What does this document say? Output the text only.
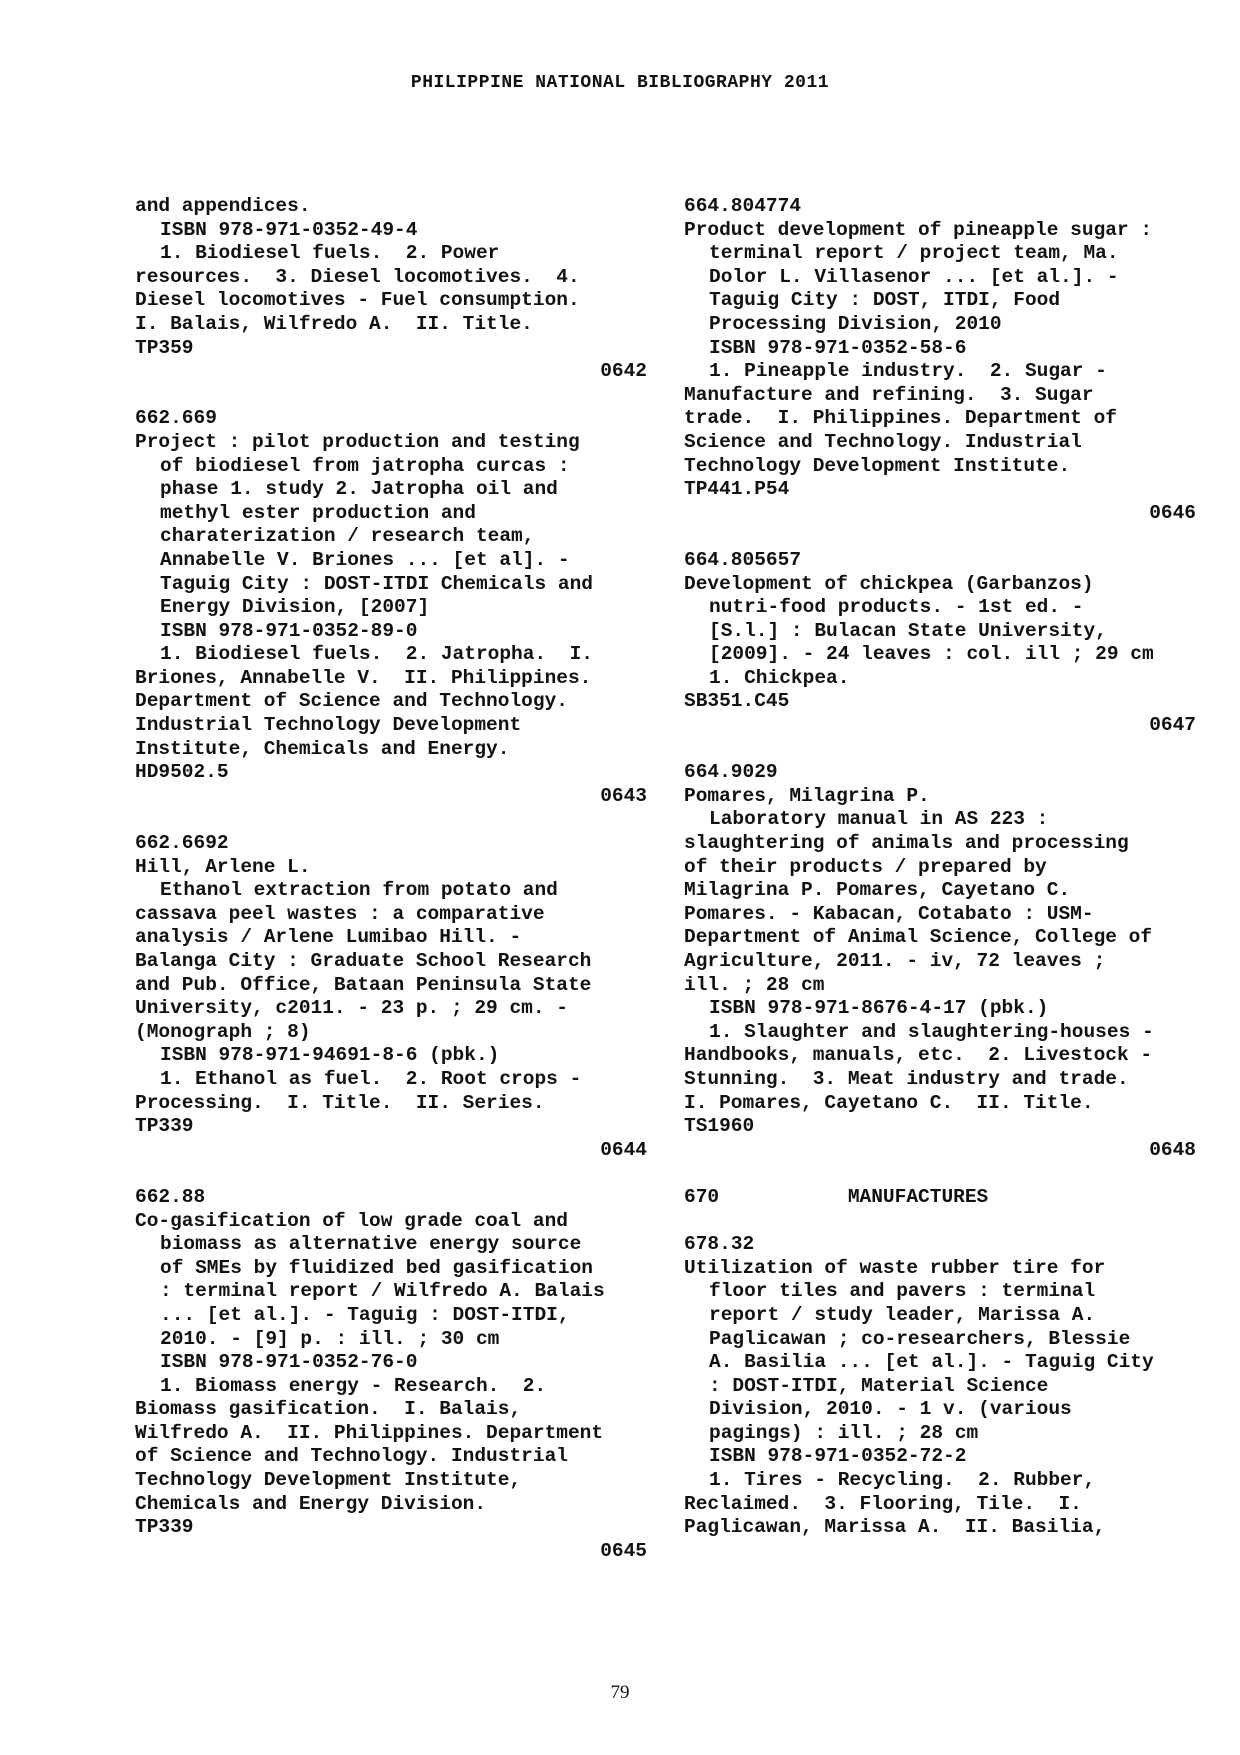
PHILIPPINE NATIONAL BIBLIOGRAPHY 2011
and appendices.
ISBN 978-971-0352-49-4
1. Biodiesel fuels.  2. Power
resources.  3. Diesel locomotives.  4.
Diesel locomotives - Fuel consumption.
I. Balais, Wilfredo A.  II. Title.
TP359
0642
662.669
Project : pilot production and testing
of biodiesel from jatropha curcas :
phase 1. study 2. Jatropha oil and
methyl ester production and
charaterization / research team,
Annabelle V. Briones ... [et al]. -
Taguig City : DOST-ITDI Chemicals and
Energy Division, [2007]
ISBN 978-971-0352-89-0
1. Biodiesel fuels.  2. Jatropha.  I.
Briones, Annabelle V.  II. Philippines.
Department of Science and Technology.
Industrial Technology Development
Institute, Chemicals and Energy.
HD9502.5
0643
662.6692
Hill, Arlene L.
Ethanol extraction from potato and
cassava peel wastes : a comparative
analysis / Arlene Lumibao Hill. -
Balanga City : Graduate School Research
and Pub. Office, Bataan Peninsula State
University, c2011. - 23 p. ; 29 cm. -
(Monograph ; 8)
ISBN 978-971-94691-8-6 (pbk.)
1. Ethanol as fuel.  2. Root crops -
Processing.  I. Title.  II. Series.
TP339
0644
662.88
Co-gasification of low grade coal and
biomass as alternative energy source
of SMEs by fluidized bed gasification
: terminal report / Wilfredo A. Balais
... [et al.]. - Taguig : DOST-ITDI,
2010. - [9] p. : ill. ; 30 cm
ISBN 978-971-0352-76-0
1. Biomass energy - Research.  2.
Biomass gasification.  I. Balais,
Wilfredo A.  II. Philippines. Department
of Science and Technology. Industrial
Technology Development Institute,
Chemicals and Energy Division.
TP339
0645
664.804774
Product development of pineapple sugar :
terminal report / project team, Ma.
Dolor L. Villasenor ... [et al.]. -
Taguig City : DOST, ITDI, Food
Processing Division, 2010
ISBN 978-971-0352-58-6
1. Pineapple industry.  2. Sugar -
Manufacture and refining.  3. Sugar
trade.  I. Philippines. Department of
Science and Technology. Industrial
Technology Development Institute.
TP441.P54
0646
664.805657
Development of chickpea (Garbanzos)
nutri-food products. - 1st ed. -
[S.l.] : Bulacan State University,
[2009]. - 24 leaves : col. ill ; 29 cm
1. Chickpea.
SB351.C45
0647
664.9029
Pomares, Milagrina P.
Laboratory manual in AS 223 :
slaughtering of animals and processing
of their products / prepared by
Milagrina P. Pomares, Cayetano C.
Pomares. - Kabacan, Cotabato : USM-
Department of Animal Science, College of
Agriculture, 2011. - iv, 72 leaves ;
ill. ; 28 cm
ISBN 978-971-8676-4-17 (pbk.)
1. Slaughter and slaughtering-houses -
Handbooks, manuals, etc.  2. Livestock -
Stunning.  3. Meat industry and trade.
I. Pomares, Cayetano C.  II. Title.
TS1960
0648
670           MANUFACTURES
678.32
Utilization of waste rubber tire for
floor tiles and pavers : terminal
report / study leader, Marissa A.
Paglicawan ; co-researchers, Blessie
A. Basilia ... [et al.]. - Taguig City
: DOST-ITDI, Material Science
Division, 2010. - 1 v. (various
pagings) : ill. ; 28 cm
ISBN 978-971-0352-72-2
1. Tires - Recycling.  2. Rubber,
Reclaimed.  3. Flooring, Tile.  I.
Paglicawan, Marissa A.  II. Basilia,
79
